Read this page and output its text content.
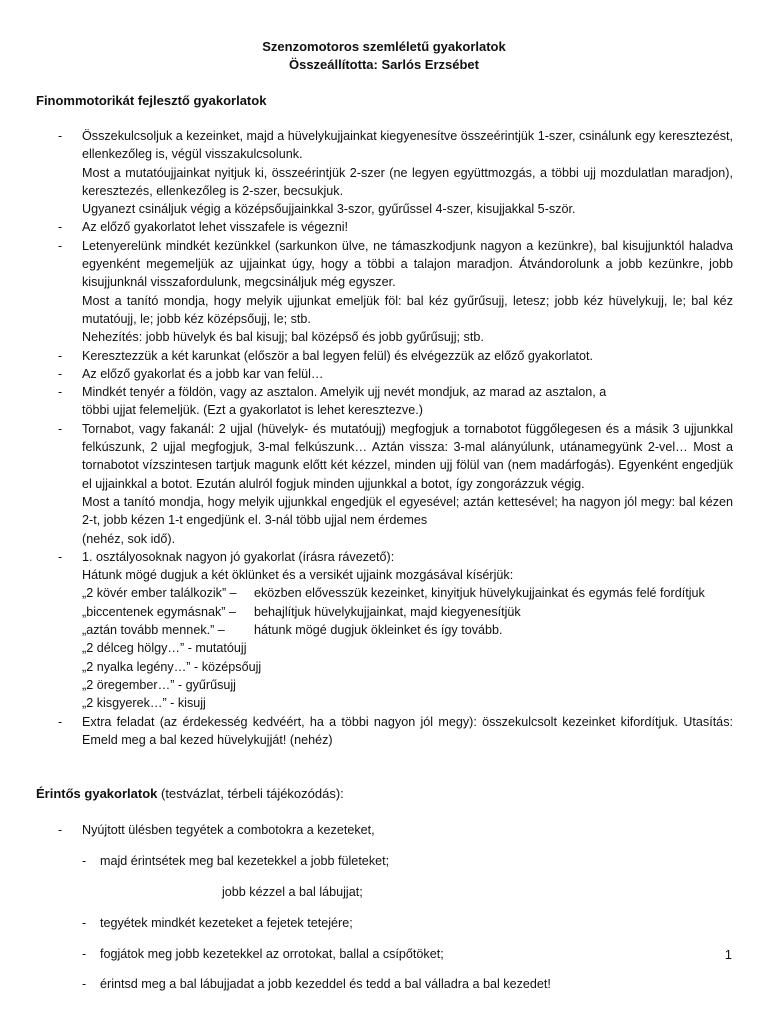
Szenzomotoros szemléletű gyakorlatok
Összeállította: Sarlós Erzsébet
Finommotorikát fejlesztő gyakorlatok
- Összekulcsoljuk a kezeinket, majd a hüvelykujjainkat kiegyenesítve összeérintjük 1-szer, csinálunk egy keresztezést, ellenkezőleg is, végül visszakulcsolunk.

Most a mutatóujjainkat nyitjuk ki, összeérintjük 2-szer (ne legyen együttmozgás, a többi ujj mozdulatlan maradjon), keresztezés, ellenkezőleg is 2-szer, becsukjuk.

Ugyanezt csináljuk végig a középsőujjainkkal 3-szor, gyűrűssel 4-szer, kisujjakkal 5-ször.

- Az előző gyakorlatot lehet visszafele is végezni!

- Letenyerelünk mindkét kezünkkel (sarkunkon ülve, ne támaszkodjunk nagyon a kezünkre), bal kisujjunktól haladva egyenként megemeljük az ujjainkat úgy, hogy a többi a talajon maradjon. Átvándorolunk a jobb kezünkre, jobb kisujjunknál visszafordulunk, megcsináljuk még egyszer.

Most a tanító mondja, hogy melyik ujjunkat emeljük föl: bal kéz gyűrűsujj, letesz; jobb kéz hüvelykujj, le; bal kéz mutatóujj, le; jobb kéz középsőujj, le; stb.

Nehezítés: jobb hüvelyk és bal kisujj; bal középső és jobb gyűrűsujj; stb.

- Keresztezzük a két karunkat (először a bal legyen felül) és elvégezzük az előző gyakorlatot.

- Az előző gyakorlat és a jobb kar van felül…

- Mindkét tenyér a földön, vagy az asztalon. Amelyik ujj nevét mondjuk, az marad az asztalon, a

többi ujjat felemeljük. (Ezt a gyakorlatot is lehet keresztezve.)

- Tornabot, vagy fakanál: 2 ujjal (hüvelyk- és mutatóujj) megfogjuk a tornabotot függőlegesen és a másik 3 ujjunkkal felkúszunk, 2 ujjal megfogjuk, 3-mal felkúszunk… Aztán vissza: 3-mal alányúlunk, utánamegyünk 2-vel… Most a tornabotot vízszintesen tartjuk magunk előtt két kézzel, minden ujj fölül van (nem madárfogás). Egyenként engedjük el ujjainkkal a botot. Ezután alulról fogjuk minden ujjunkkal a botot, így zongorázzuk végig.

Most a tanító mondja, hogy melyik ujjunkkal engedjük el egyesével; aztán kettesével; ha nagyon jól megy: bal kézen 2-t, jobb kézen 1-t engedjünk el. 3-nál több ujjal nem érdemes

(nehéz, sok idő).

- 1. osztályosoknak nagyon jó gyakorlat (írásra rávezető):

Hátunk mögé dugjuk a két öklünket és a versikét ujjaink mozgásával kísérjük:

„2 kövér ember találkozik” –	eközben elővesszük kezeinket, kinyitjuk hüvelykujjainkat és egymás felé fordítjuk
„biccentenek egymásnak” –	behajlítjuk hüvelykujjainkat, majd kiegyenesítjük
„aztán tovább mennek.” –	hátunk mögé dugjuk ökleinket és így tovább.

„2 délceg hölgy…” - mutatóujj

„2 nyalka legény…” - középsőujj

„2 öregember…” - gyűrűsujj

„2 kisgyerek…” - kisujj

- Extra feladat (az érdekesség kedvéért, ha a többi nagyon jól megy): összekulcsolt kezeinket kifordítjuk. Utasítás: Emeld meg a bal kezed hüvelykujját! (nehéz)

Érintős gyakorlatok (testvázlat, térbeli tájékozódás):
- Nyújtott ülésben tegyétek a combotokra a kezeteket,

- majd érintsétek meg bal kezetekkel a jobb fületeket;

jobb kézzel a bal lábujjat;

- tegyétek mindkét kezeteket a fejetek tetejére;

- fogjátok meg jobb kezetekkel az orrotokat, ballal a csípőtöket;

- érintsd meg a bal lábujjadat a jobb kezeddel és tedd a bal válladra a bal kezedet!

1
